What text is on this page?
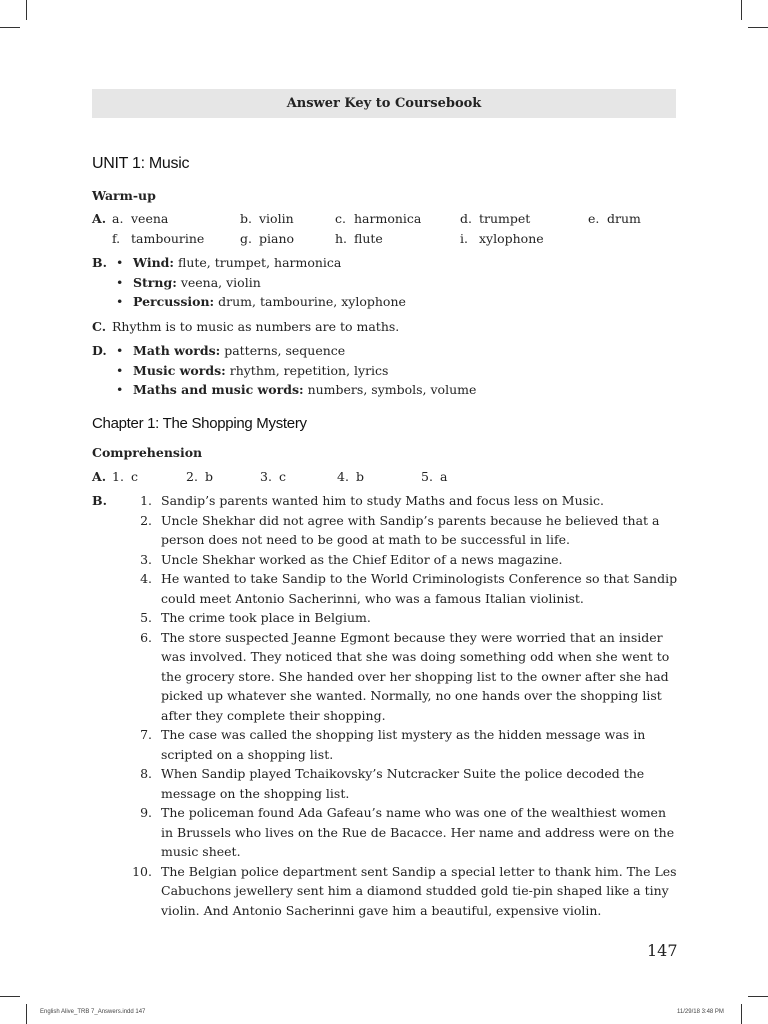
Answer Key to Coursebook
UNIT 1: Music
Warm-up
A. a. veena	b. violin	c. harmonica	d. trumpet	e. drum
f. tambourine	g. piano	h. flute	i. xylophone
B.	• Wind: flute, trumpet, harmonica
• Strng: veena, violin
• Percussion: drum, tambourine, xylophone
C. Rhythm is to music as numbers are to maths.
D.	• Math words: patterns, sequence
• Music words: rhythm, repetition, lyrics
• Maths and music words: numbers, symbols, volume
Chapter 1: The Shopping Mystery
Comprehension
A. 1. c	2. b	3. c	4. b	5. a
B.	1. Sandip’s parents wanted him to study Maths and focus less on Music.
2. Uncle Shekhar did not agree with Sandip’s parents because he believed that a person does not need to be good at math to be successful in life.
3. Uncle Shekhar worked as the Chief Editor of a news magazine.
4. He wanted to take Sandip to the World Criminologists Conference so that Sandip could meet Antonio Sacherinni, who was a famous Italian violinist.
5. The crime took place in Belgium.
6. The store suspected Jeanne Egmont because they were worried that an insider was involved. They noticed that she was doing something odd when she went to the grocery store. She handed over her shopping list to the owner after she had picked up whatever she wanted. Normally, no one hands over the shopping list after they complete their shopping.
7. The case was called the shopping list mystery as the hidden message was in scripted on a shopping list.
8. When Sandip played Tchaikovsky’s Nutcracker Suite the police decoded the message on the shopping list.
9. The policeman found Ada Gafeau’s name who was one of the wealthiest women in Brussels who lives on the Rue de Bacacce. Her name and address were on the music sheet.
10. The Belgian police department sent Sandip a special letter to thank him. The Les Cabuchons jewellery sent him a diamond studded gold tie-pin shaped like a tiny violin. And Antonio Sacherinni gave him a beautiful, expensive violin.
147
English Alive_TRB 7_Answers.indd 147	11/29/18 3:48 PM
